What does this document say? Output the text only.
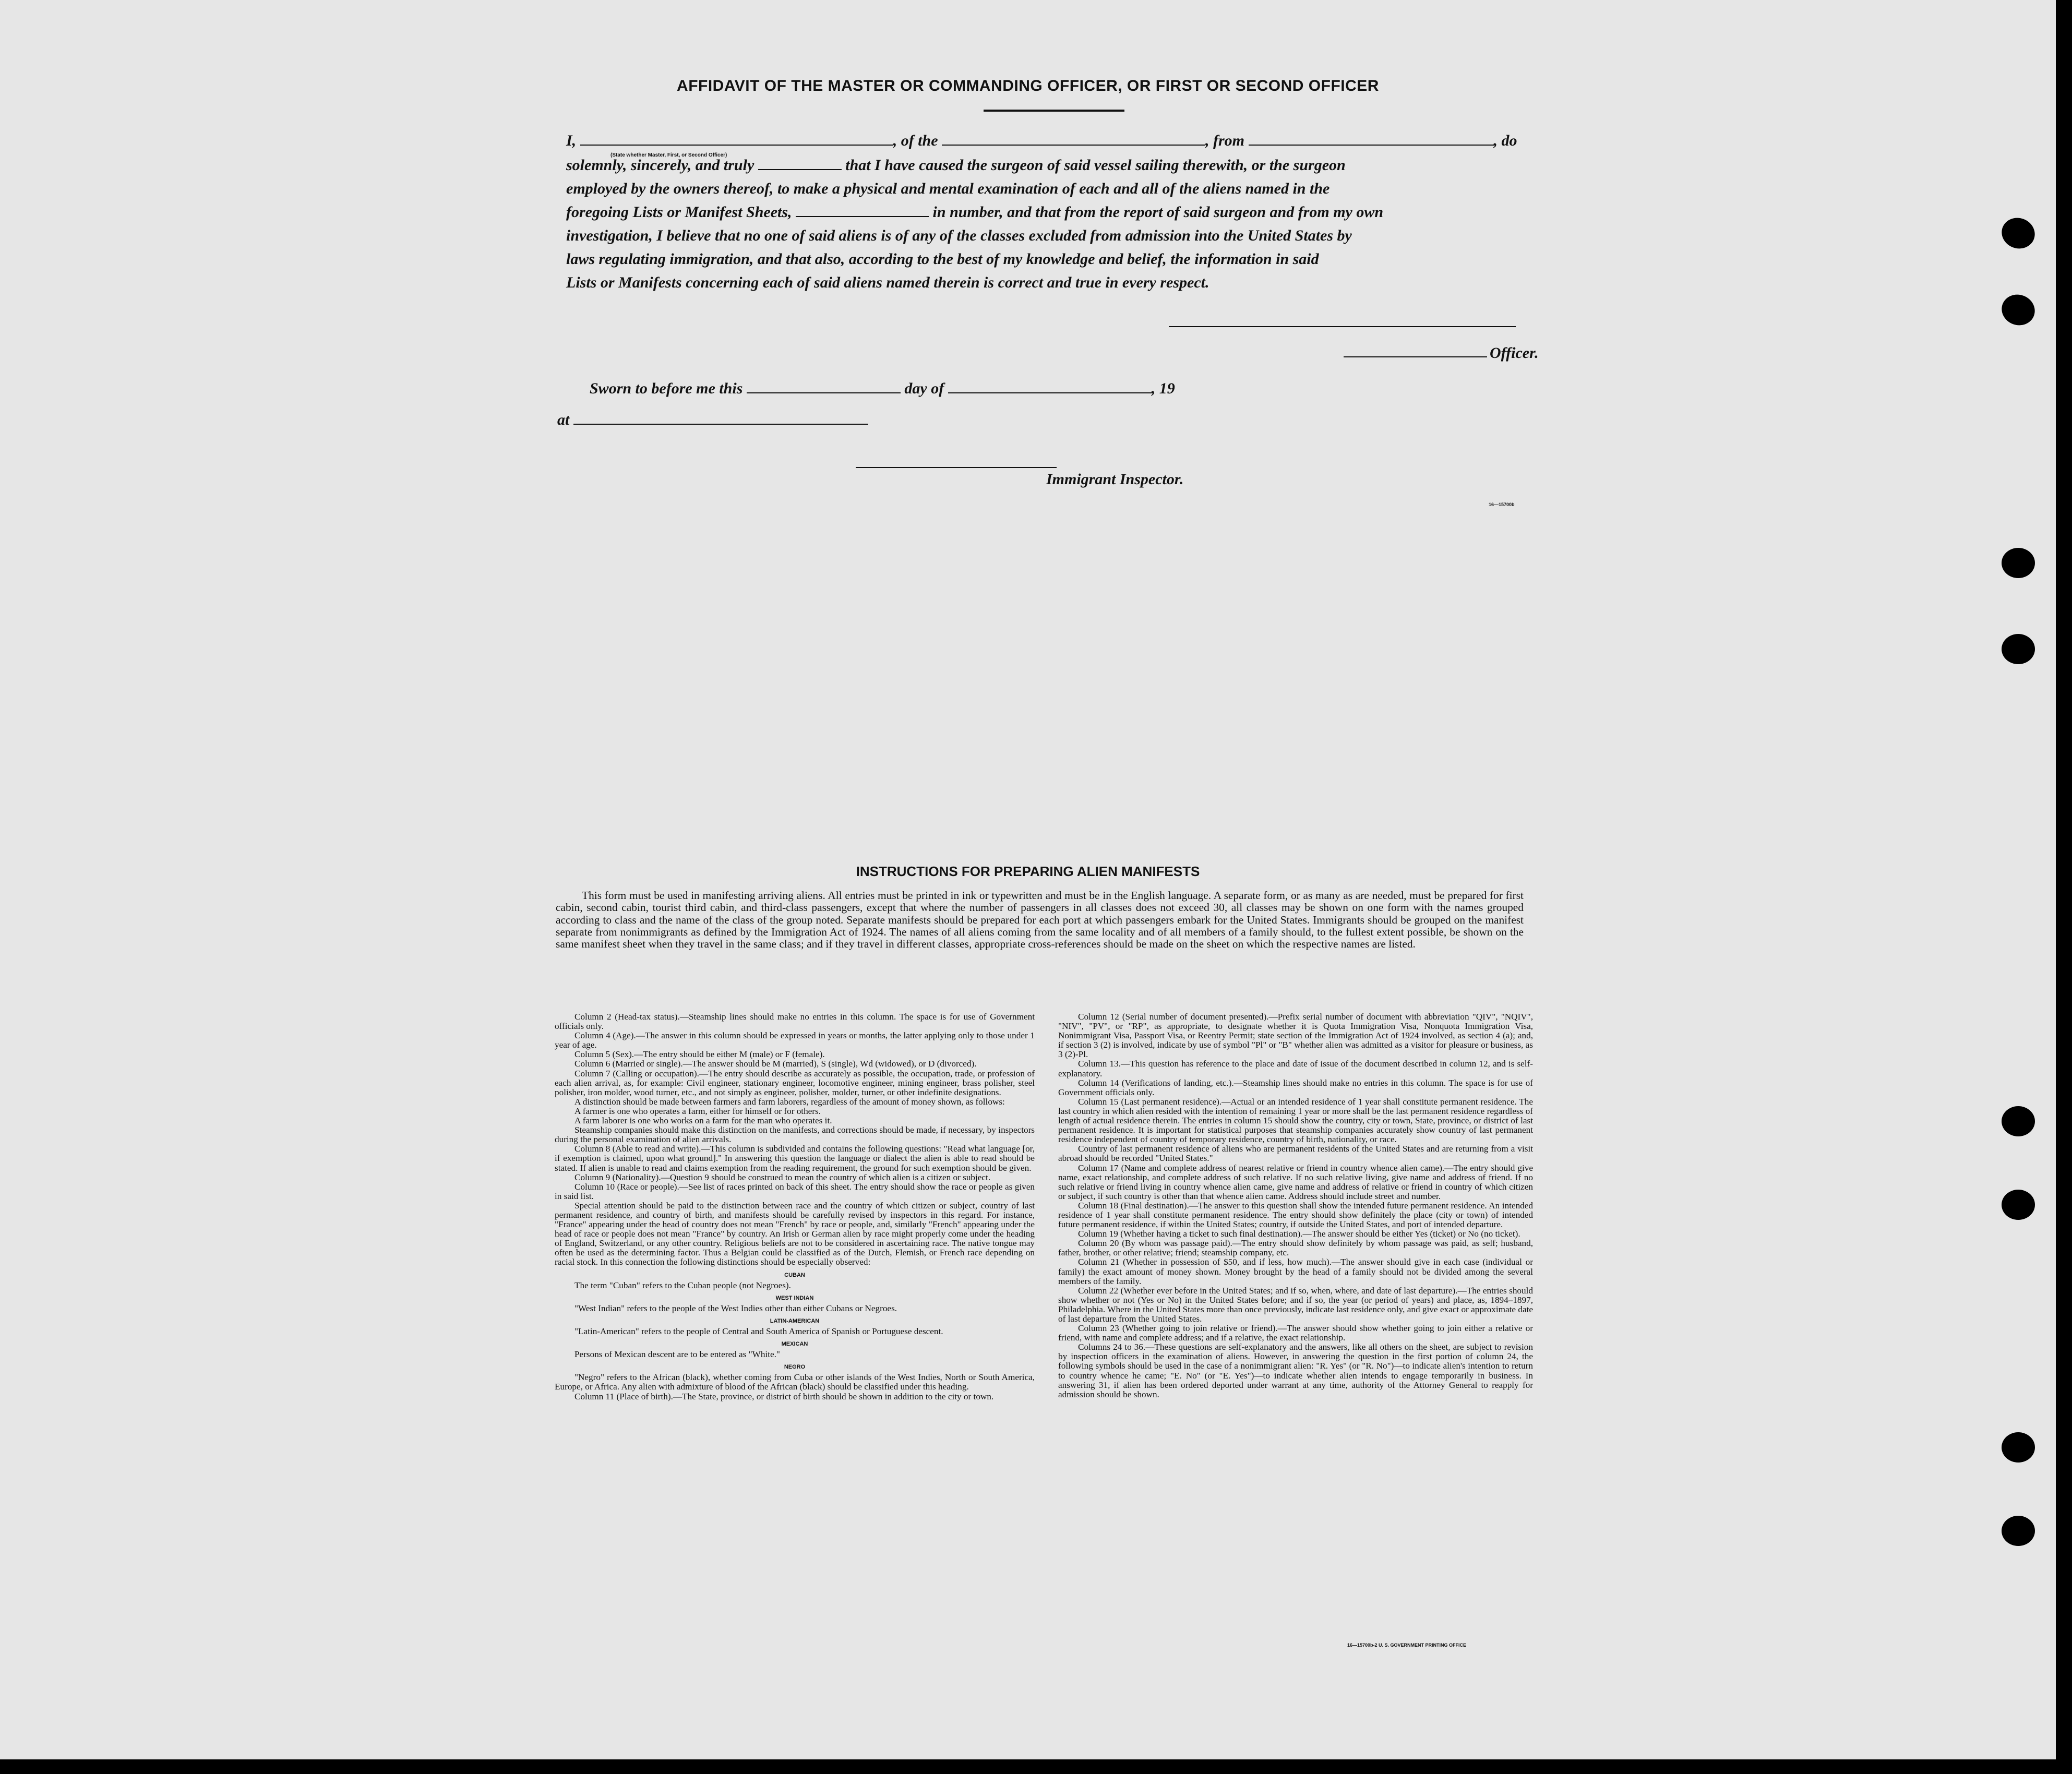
AFFIDAVIT OF THE MASTER OR COMMANDING OFFICER, OR FIRST OR SECOND OFFICER
I,	, of the	, from	, do
(State whether Master, First, or Second Officer)
solemnly, sincerely, and truly	that I have caused the surgeon of said vessel sailing therewith, or the surgeon
employed by the owners thereof, to make a physical and mental examination of each and all of the aliens named in the
foregoing Lists or Manifest Sheets,	in number, and that from the report of said surgeon and from my own
investigation, I believe that no one of said aliens is of any of the classes excluded from admission into the United States by
laws regulating immigration, and that also, according to the best of my knowledge and belief, the information in said
Lists or Manifests concerning each of said aliens named therein is correct and true in every respect.
Officer.
Sworn to before me this	day of	, 19
at
Immigrant Inspector.
16—15700b
INSTRUCTIONS FOR PREPARING ALIEN MANIFESTS

This form must be used in manifesting arriving aliens. All entries must be printed in ink or typewritten and must be in the English language. A separate form, or as many as are needed, must be prepared for first cabin, second cabin, tourist third cabin, and third-class passengers, except that where the number of passengers in all classes does not exceed 30, all classes may be shown on one form with the names grouped according to class and the name of the class of the group noted. Separate manifests should be prepared for each port at which passengers embark for the United States. Immigrants should be grouped on the manifest separate from nonimmigrants as defined by the Immigration Act of 1924. The names of all aliens coming from the same locality and of all members of a family should, to the fullest extent possible, be shown on the same manifest sheet when they travel in the same class; and if they travel in different classes, appropriate cross-references should be made on the sheet on which the respective names are listed.

Column 2 (Head-tax status).—Steamship lines should make no entries in this column. The space is for use of Government officials only.

Column 4 (Age).—The answer in this column should be expressed in years or months, the latter applying only to those under 1 year of age.

Column 5 (Sex).—The entry should be either M (male) or F (female).

Column 6 (Married or single).—The answer should be M (married), S (single), Wd (widowed), or D (divorced).

Column 7 (Calling or occupation).—The entry should describe as accurately as possible, the occupation, trade, or profession of each alien arrival, as, for example: Civil engineer, stationary engineer, locomotive engineer, mining engineer, brass polisher, steel polisher, iron molder, wood turner, etc., and not simply as engineer, polisher, molder, turner, or other indefinite designations.

A distinction should be made between farmers and farm laborers, regardless of the amount of money shown, as follows:

A farmer is one who operates a farm, either for himself or for others.

A farm laborer is one who works on a farm for the man who operates it.

Steamship companies should make this distinction on the manifests, and corrections should be made, if necessary, by inspectors during the personal examination of alien arrivals.

Column 8 (Able to read and write).—This column is subdivided and contains the following questions: "Read what language [or, if exemption is claimed, upon what ground]." In answering this question the language or dialect the alien is able to read should be stated. If alien is unable to read and claims exemption from the reading requirement, the ground for such exemption should be given.

Column 9 (Nationality).—Question 9 should be construed to mean the country of which alien is a citizen or subject.

Column 10 (Race or people).—See list of races printed on back of this sheet. The entry should show the race or people as given in said list.

Special attention should be paid to the distinction between race and the country of which citizen or subject, country of last permanent residence, and country of birth, and manifests should be carefully revised by inspectors in this regard. For instance, "France" appearing under the head of country does not mean "French" by race or people, and, similarly "French" appearing under the head of race or people does not mean "France" by country. An Irish or German alien by race might properly come under the heading of England, Switzerland, or any other country. Religious beliefs are not to be considered in ascertaining race. The native tongue may often be used as the determining factor. Thus a Belgian could be classified as of the Dutch, Flemish, or French race depending on racial stock. In this connection the following distinctions should be especially observed:

CUBAN

The term "Cuban" refers to the Cuban people (not Negroes).

WEST INDIAN

"West Indian" refers to the people of the West Indies other than either Cubans or Negroes.

LATIN-AMERICAN

"Latin-American" refers to the people of Central and South America of Spanish or Portuguese descent.

MEXICAN

Persons of Mexican descent are to be entered as "White."

NEGRO

"Negro" refers to the African (black), whether coming from Cuba or other islands of the West Indies, North or South America, Europe, or Africa. Any alien with admixture of blood of the African (black) should be classified under this heading.

Column 11 (Place of birth).—The State, province, or district of birth should be shown in addition to the city or town.

Column 12 (Serial number of document presented).—Prefix serial number of document with abbreviation "QIV", "NQIV", "NIV", "PV", or "RP", as appropriate, to designate whether it is Quota Immigration Visa, Nonquota Immigration Visa, Nonimmigrant Visa, Passport Visa, or Reentry Permit; state section of the Immigration Act of 1924 involved, as section 4 (a); and, if section 3 (2) is involved, indicate by use of symbol "Pl" or "B" whether alien was admitted as a visitor for pleasure or business, as 3 (2)-Pl.

Column 13.—This question has reference to the place and date of issue of the document described in column 12, and is self-explanatory.

Column 14 (Verifications of landing, etc.).—Steamship lines should make no entries in this column. The space is for use of Government officials only.

Column 15 (Last permanent residence).—Actual or an intended residence of 1 year shall constitute permanent residence. The last country in which alien resided with the intention of remaining 1 year or more shall be the last permanent residence regardless of length of actual residence therein. The entries in column 15 should show the country, city or town, State, province, or district of last permanent residence. It is important for statistical purposes that steamship companies accurately show country of last permanent residence independent of country of temporary residence, country of birth, nationality, or race.

Country of last permanent residence of aliens who are permanent residents of the United States and are returning from a visit abroad should be recorded "United States."

Column 17 (Name and complete address of nearest relative or friend in country whence alien came).—The entry should give name, exact relationship, and complete address of such relative. If no such relative living, give name and address of friend. If no such relative or friend living in country whence alien came, give name and address of relative or friend in country of which citizen or subject, if such country is other than that whence alien came. Address should include street and number.

Column 18 (Final destination).—The answer to this question shall show the intended future permanent residence. An intended residence of 1 year shall constitute permanent residence. The entry should show definitely the place (city or town) of intended future permanent residence, if within the United States; country, if outside the United States, and port of intended departure.

Column 19 (Whether having a ticket to such final destination).—The answer should be either Yes (ticket) or No (no ticket).

Column 20 (By whom was passage paid).—The entry should show definitely by whom passage was paid, as self; husband, father, brother, or other relative; friend; steamship company, etc.

Column 21 (Whether in possession of $50, and if less, how much).—The answer should give in each case (individual or family) the exact amount of money shown. Money brought by the head of a family should not be divided among the several members of the family.

Column 22 (Whether ever before in the United States; and if so, when, where, and date of last departure).—The entries should show whether or not (Yes or No) in the United States before; and if so, the year (or period of years) and place, as, 1894–1897, Philadelphia. Where in the United States more than once previously, indicate last residence only, and give exact or approximate date of last departure from the United States.

Column 23 (Whether going to join relative or friend).—The answer should show whether going to join either a relative or friend, with name and complete address; and if a relative, the exact relationship.

Columns 24 to 36.—These questions are self-explanatory and the answers, like all others on the sheet, are subject to revision by inspection officers in the examination of aliens. However, in answering the question in the first portion of column 24, the following symbols should be used in the case of a nonimmigrant alien: "R. Yes" (or "R. No")—to indicate alien's intention to return to country whence he came; "E. No" (or "E. Yes")—to indicate whether alien intends to engage temporarily in business. In answering 31, if alien has been ordered deported under warrant at any time, authority of the Attorney General to reapply for admission should be shown.

16—15700b-2 U. S. GOVERNMENT PRINTING OFFICE
